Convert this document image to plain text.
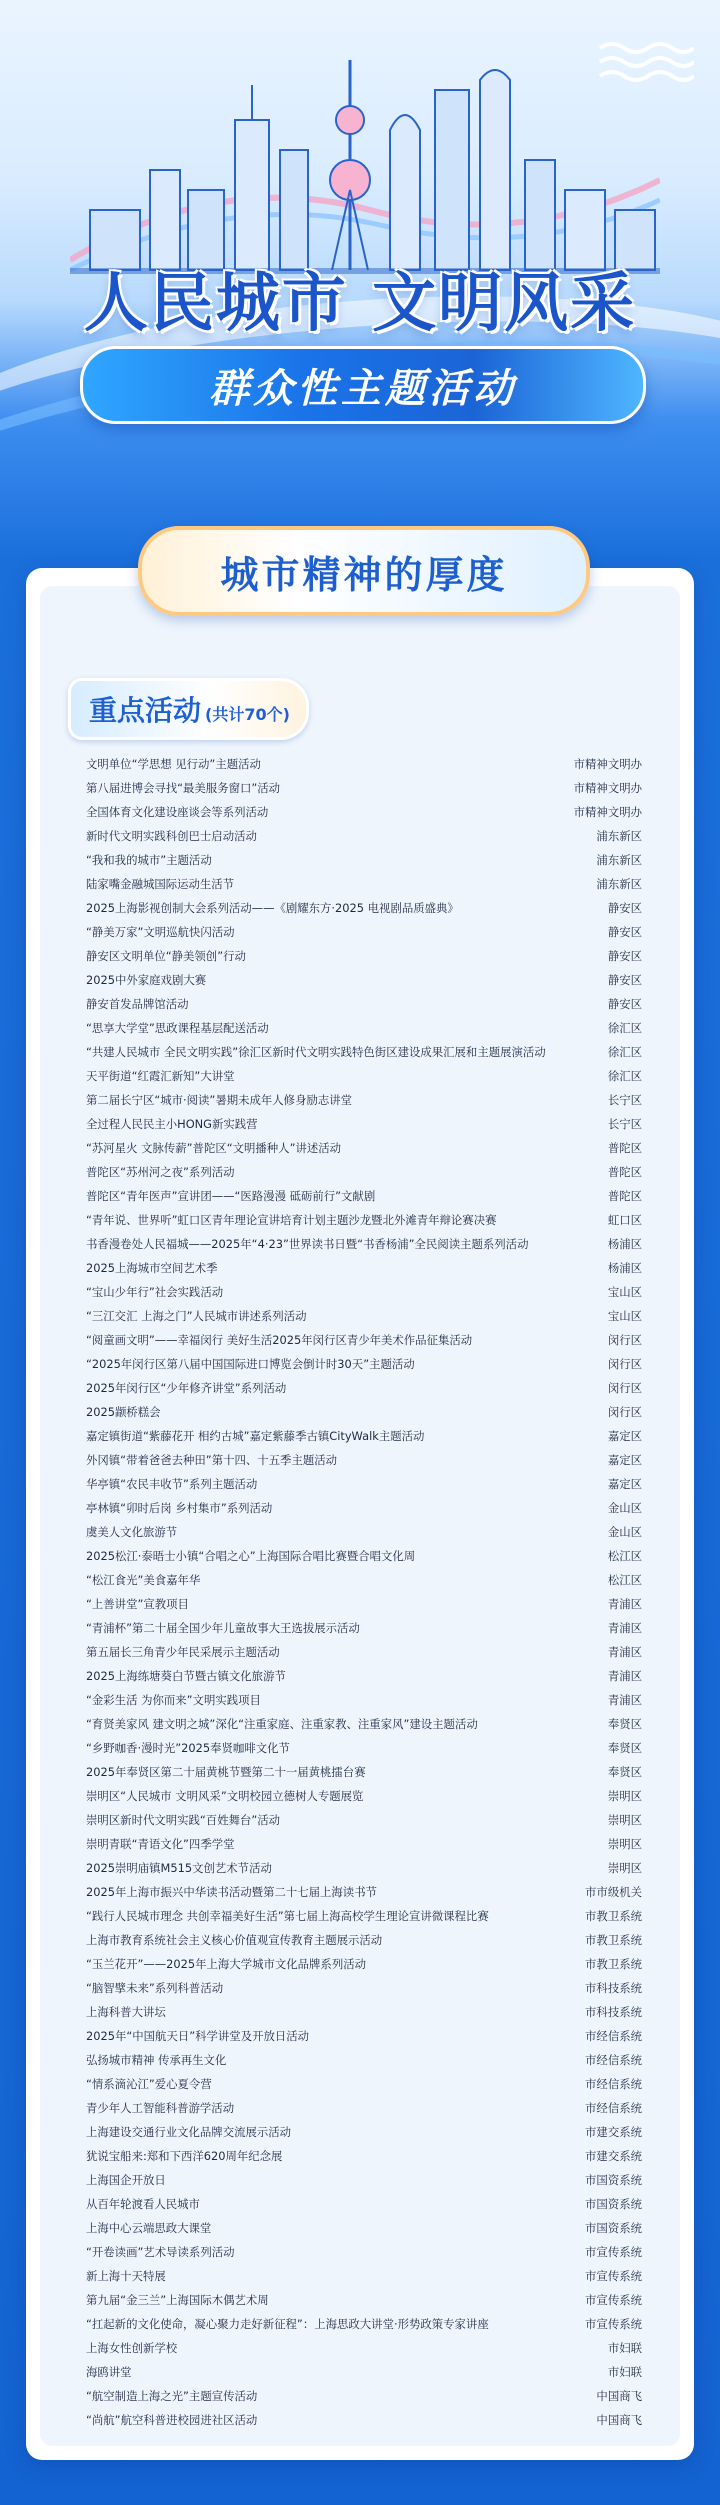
人民城市 文明风采
群众性主题活动
城市精神的厚度
重点活动 (共计70个)
文明单位“学思想 见行动”主题活动	市精神文明办
第八届进博会寻找“最美服务窗口”活动	市精神文明办
全国体育文化建设座谈会等系列活动	市精神文明办
新时代文明实践科创巴士启动活动	浦东新区
“我和我的城市”主题活动	浦东新区
陆家嘴金融城国际运动生活节	浦东新区
2025上海影视创制大会系列活动——《剧耀东方·2025 电视剧品质盛典》	静安区
“静美万家”文明巡航快闪活动	静安区
静安区文明单位“静美领创”行动	静安区
2025中外家庭戏剧大赛	静安区
静安首发品牌馆活动	静安区
“思享大学堂”思政课程基层配送活动	徐汇区
“共建人民城市 全民文明实践”徐汇区新时代文明实践特色街区建设成果汇展和主题展演活动	徐汇区
天平街道“红霞汇新知”大讲堂	徐汇区
第二届长宁区“城市·阅读”暑期未成年人修身励志讲堂	长宁区
全过程人民民主小HONG新实践营	长宁区
“苏河星火 文脉传薪”普陀区“文明播种人”讲述活动	普陀区
普陀区“苏州河之夜”系列活动	普陀区
普陀区“青年医声”宣讲团——“医路漫漫 砥砺前行”文献剧	普陀区
“青年说、世界听”虹口区青年理论宣讲培育计划主题沙龙暨北外滩青年辩论赛决赛	虹口区
书香漫卷处人民福城——2025年“4·23”世界读书日暨“书香杨浦”全民阅读主题系列活动	杨浦区
2025上海城市空间艺术季	杨浦区
“宝山少年行”社会实践活动	宝山区
“三江交汇 上海之门”人民城市讲述系列活动	宝山区
“阅童画文明”——幸福闵行 美好生活2025年闵行区青少年美术作品征集活动	闵行区
“2025年闵行区第八届中国国际进口博览会倒计时30天”主题活动	闵行区
2025年闵行区“少年修齐讲堂”系列活动	闵行区
2025颛桥糕会	闵行区
嘉定镇街道“紫藤花开 相约古城”嘉定紫藤季古镇CityWalk主题活动	嘉定区
外冈镇“带着爸爸去种田”第十四、十五季主题活动	嘉定区
华亭镇“农民丰收节”系列主题活动	嘉定区
亭林镇“卯时后岗 乡村集市”系列活动	金山区
虞美人文化旅游节	金山区
2025松江·泰晤士小镇“合唱之心”上海国际合唱比赛暨合唱文化周	松江区
“松江食光”美食嘉年华	松江区
“上善讲堂”宣教项目	青浦区
“青浦杯”第二十届全国少年儿童故事大王选拔展示活动	青浦区
第五届长三角青少年民采展示主题活动	青浦区
2025上海练塘葵白节暨古镇文化旅游节	青浦区
“金彩生活 为你而来”文明实践项目	青浦区
“育贤美家风 建文明之城”深化“注重家庭、注重家教、注重家风”建设主题活动	奉贤区
“乡野咖香·漫时光”2025奉贤咖啡文化节	奉贤区
2025年奉贤区第二十届黄桃节暨第二十一届黄桃擂台赛	奉贤区
崇明区“人民城市 文明风采”文明校园立德树人专题展览	崇明区
崇明区新时代文明实践“百姓舞台”活动	崇明区
崇明青联“青语文化”四季学堂	崇明区
2025崇明庙镇M515文创艺术节活动	崇明区
2025年上海市振兴中华读书活动暨第二十七届上海读书节	市市级机关
“践行人民城市理念 共创幸福美好生活”第七届上海高校学生理论宣讲微课程比赛	市教卫系统
上海市教育系统社会主义核心价值观宣传教育主题展示活动	市教卫系统
“玉兰花开”——2025年上海大学城市文化品牌系列活动	市教卫系统
“脑智擘未来”系列科普活动	市科技系统
上海科普大讲坛	市科技系统
2025年“中国航天日”科学讲堂及开放日活动	市经信系统
弘扬城市精神 传承再生文化	市经信系统
“情系滴沁江”爱心夏令营	市经信系统
青少年人工智能科普游学活动	市经信系统
上海建设交通行业文化品牌交流展示活动	市建交系统
犹说宝船来:郑和下西洋620周年纪念展	市建交系统
上海国企开放日	市国资系统
从百年轮渡看人民城市	市国资系统
上海中心云端思政大课堂	市国资系统
“开卷读画”艺术导读系列活动	市宣传系统
新上海十天特展	市宣传系统
第九届“金三兰”上海国际木偶艺术周	市宣传系统
“扛起新的文化使命，凝心聚力走好新征程”：上海思政大讲堂·形势政策专家讲座	市宣传系统
上海女性创新学校	市妇联
海鸥讲堂	市妇联
“航空制造上海之光”主题宣传活动	中国商飞
“尚航”航空科普进校园进社区活动	中国商飞
